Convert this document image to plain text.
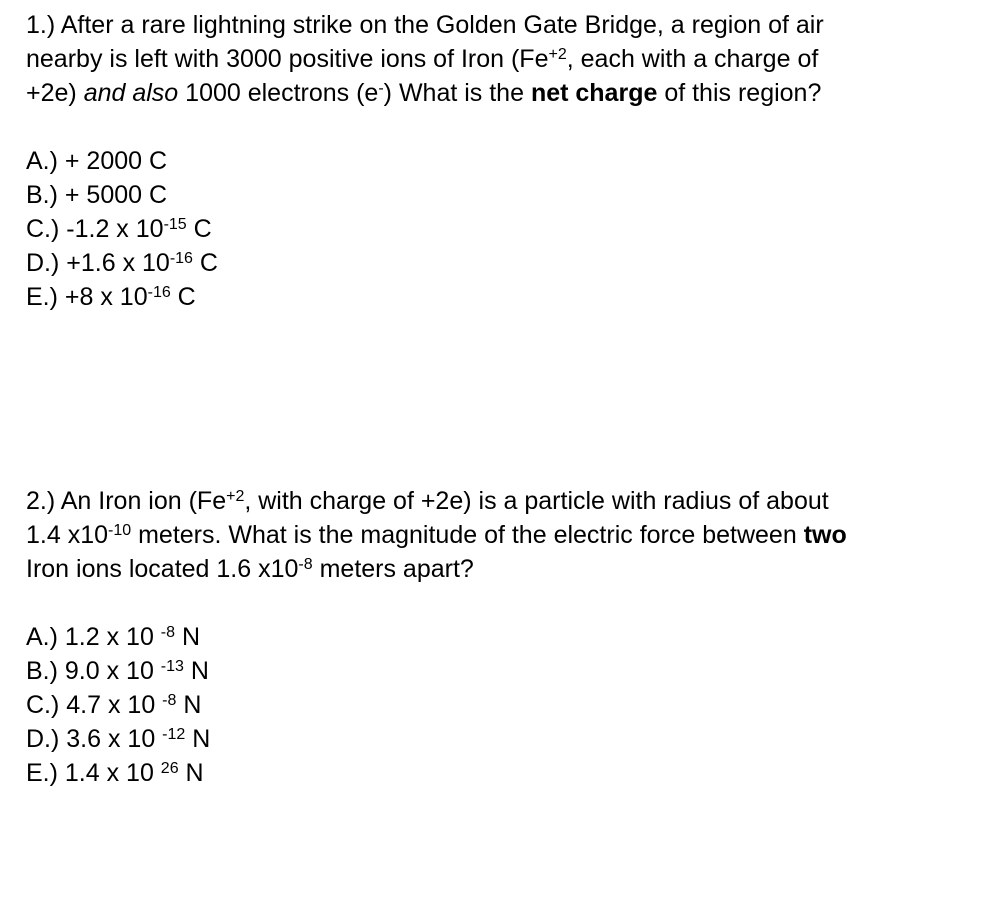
1.) After a rare lightning strike on the Golden Gate Bridge, a region of air
nearby is left with 3000 positive ions of Iron ($Fe^{+2}$, each with a charge of
+2e) and also 1000 electrons (e-) What is the net charge of this region?
A.) + 2000 C
B.) + 5000 C
C.) -1.2 x $10^{-15}$ C
D.) +1.6 x $10^{-16}$ C
E.) +8 x $10^{-16}$ C
2.) An Iron ion ($Fe^{+2}$, with charge of +2e) is a particle with radius of about
1.4 $x10^{-10}$ meters. What is the magnitude of the electric force between two
Iron ions located 1.6 $x10^{-8}$ meters apart?
A.) 1.2 x 10 $^{-8}$ N
B.) 9.0 x 10 $^{-13}$ N
C.) 4.7 x 10 $^{-8}$ N
D.) 3.6 x 10 $^{-12}$ N
E.) 1.4 x 10 $^{26}$ N
